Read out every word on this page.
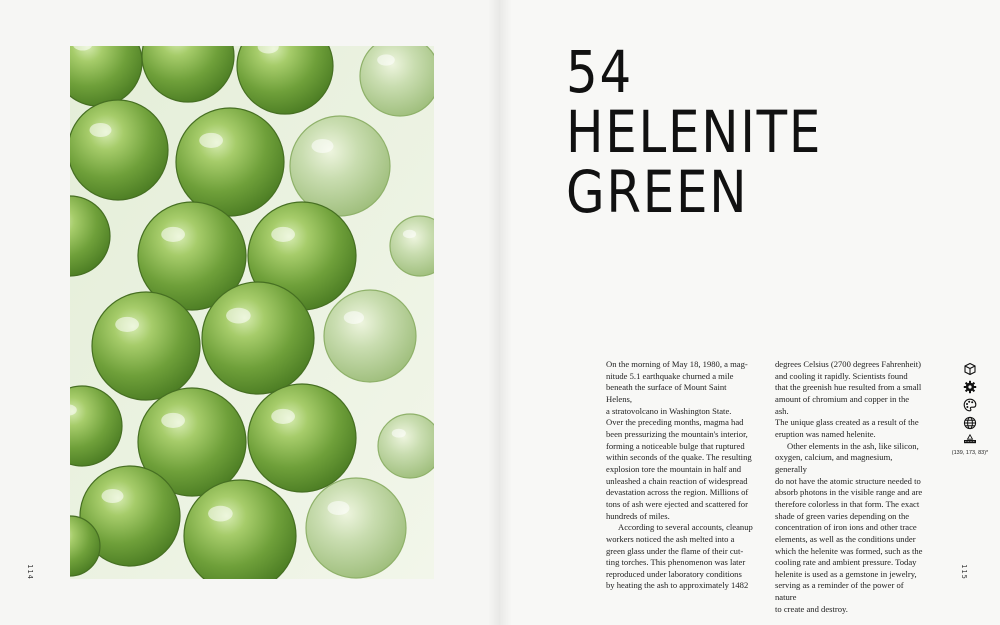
114	115
54
HELENITE
GREEN

On the morning of May 18, 1980, a mag-

nitude 5.1 earthquake churned a mile

beneath the surface of Mount Saint Helens,

a stratovolcano in Washington State.

Over the preceding months, magma had

been pressurizing the mountain's interior,

forming a noticeable bulge that ruptured

within seconds of the quake. The resulting

explosion tore the mountain in half and

unleashed a chain reaction of widespread

devastation across the region. Millions of

tons of ash were ejected and scattered for

hundreds of miles.

According to several accounts, cleanup

workers noticed the ash melted into a

green glass under the flame of their cut-

ting torches. This phenomenon was later

reproduced under laboratory conditions

by heating the ash to approximately 1482

degrees Celsius (2700 degrees Fahrenheit)

and cooling it rapidly. Scientists found

that the greenish hue resulted from a small

amount of chromium and copper in the ash.

The unique glass created as a result of the

eruption was named helenite.

Other elements in the ash, like silicon,

oxygen, calcium, and magnesium, generally

do not have the atomic structure needed to

absorb photons in the visible range and are

therefore colorless in that form. The exact

shade of green varies depending on the

concentration of iron ions and other trace

elements, as well as the conditions under

which the helenite was formed, such as the

cooling rate and ambient pressure. Today

helenite is used as a gemstone in jewelry,

serving as a reminder of the power of nature

to create and destroy.

(139, 173, 83)*
